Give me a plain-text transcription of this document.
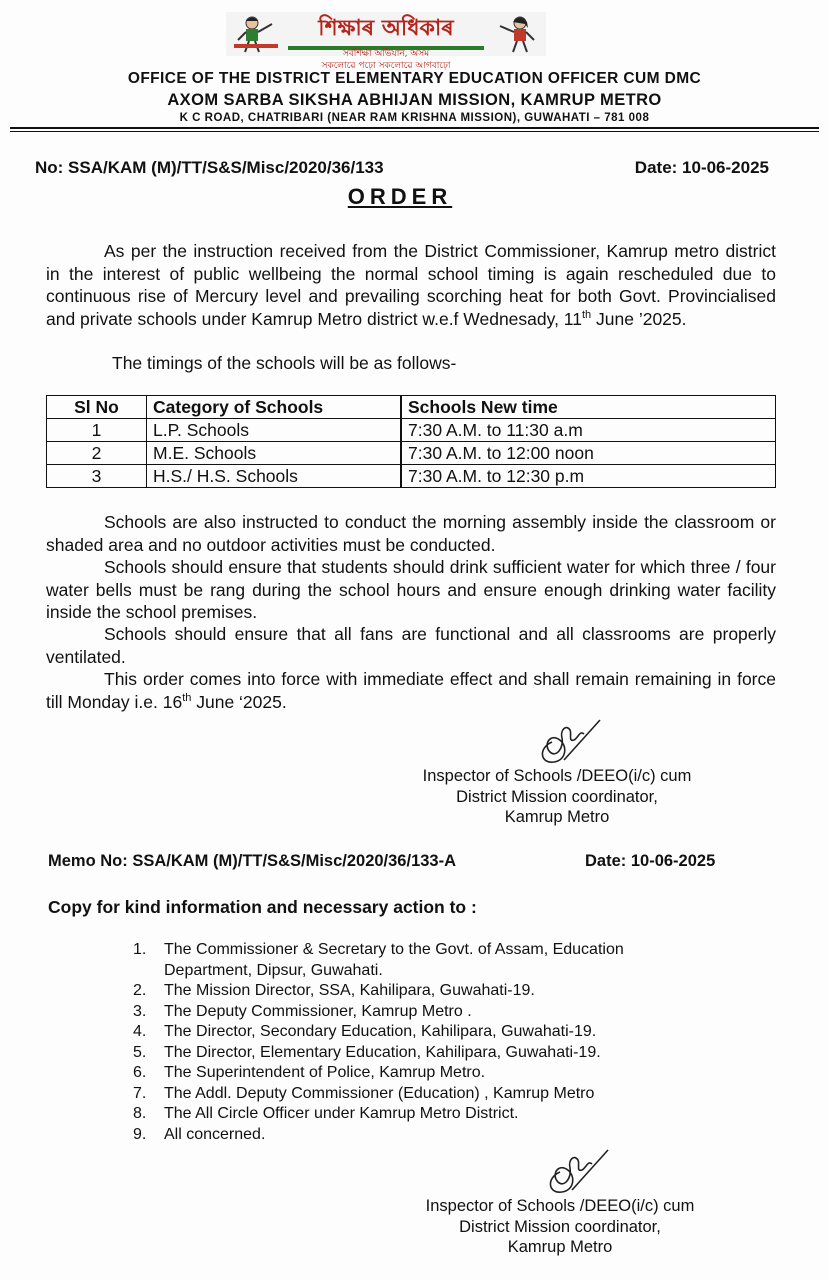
শিক্ষাৰ অধিকাৰ
সৰ্বশিক্ষা অভিযান, অসম
সকলোৱে পঢ়ো সকলোৱে আগবাঢ়ো
OFFICE OF THE DISTRICT ELEMENTARY EDUCATION OFFICER CUM DMC
AXOM SARBA SIKSHA ABHIJAN MISSION, KAMRUP METRO
K C ROAD, CHATRIBARI (NEAR RAM KRISHNA MISSION), GUWAHATI – 781 008
No: SSA/KAM (M)/TT/S&S/Misc/2020/36/133	Date: 10-06-2025
ORDER

As per the instruction received from the District Commissioner, Kamrup metro district in the interest of public wellbeing the normal school timing is again rescheduled due to continuous rise of Mercury level and prevailing scorching heat for both Govt. Provincialised and private schools under Kamrup Metro district w.e.f Wednesady, 11th June ’2025.

The timings of the schools will be as follows-
Sl No	Category of Schools	Schools New time
1	L.P. Schools	7:30 A.M. to 11:30 a.m
2	M.E. Schools	7:30 A.M. to 12:00 noon
3	H.S./ H.S. Schools	7:30 A.M. to 12:30 p.m

Schools are also instructed to conduct the morning assembly inside the classroom or shaded area and no outdoor activities must be conducted.

Schools should ensure that students should drink sufficient water for which three / four water bells must be rang during the school hours and ensure enough drinking water facility inside the school premises.

Schools should ensure that all fans are functional and all classrooms are properly ventilated.

This order comes into force with immediate effect and shall remain remaining in force till Monday i.e. 16th June ‘2025.

Inspector of Schools /DEEO(i/c) cum
District Mission coordinator,
Kamrup Metro
Memo No: SSA/KAM (M)/TT/S&S/Misc/2020/36/133-A	Date: 10-06-2025
Copy for kind information and necessary action to :
1. The Commissioner & Secretary to the Govt. of Assam, Education Department, Dipsur, Guwahati.
2. The Mission Director, SSA, Kahilipara, Guwahati-19.
3. The Deputy Commissioner, Kamrup Metro .
4. The Director, Secondary Education, Kahilipara, Guwahati-19.
5. The Director, Elementary Education, Kahilipara, Guwahati-19.
6. The Superintendent of Police, Kamrup Metro.
7. The Addl. Deputy Commissioner (Education) , Kamrup Metro
8. The All Circle Officer under Kamrup Metro District.
9. All concerned.
Inspector of Schools /DEEO(i/c) cum
District Mission coordinator,
Kamrup Metro
